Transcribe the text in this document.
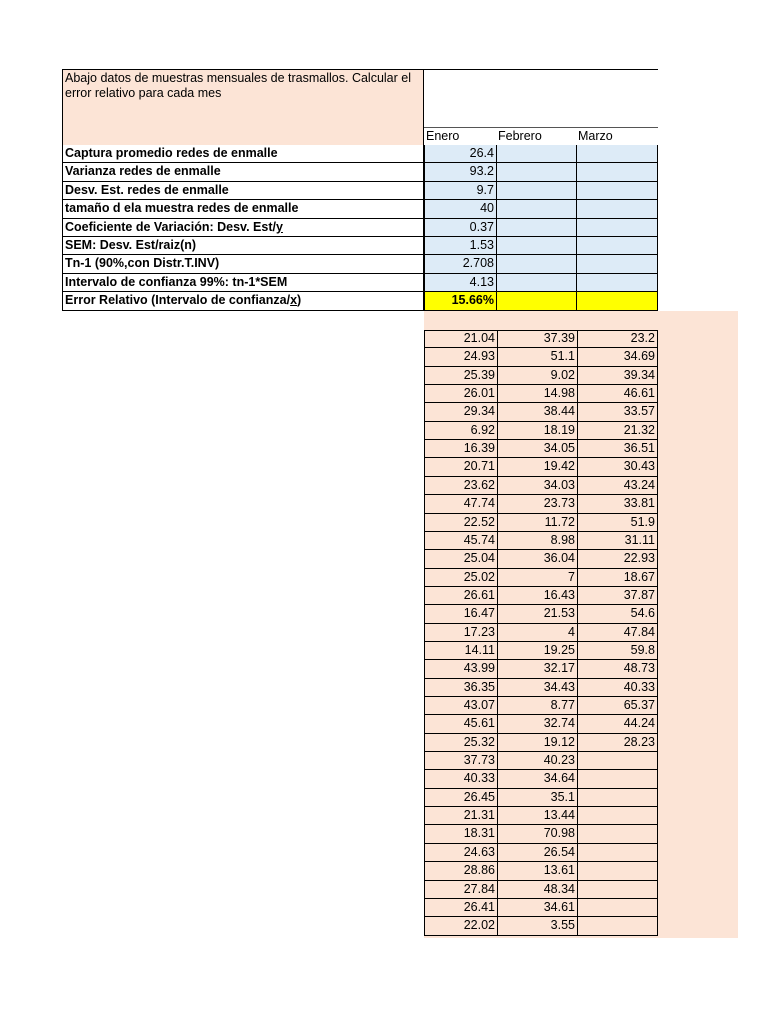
Abajo datos de muestras mensuales de trasmallos. Calcular el error relativo para cada mes
Enero	Febrero	Marzo
Captura promedio redes de enmalle	26.4
Varianza redes de enmalle	93.2
Desv. Est. redes de enmalle	9.7
tamaño d ela muestra redes de enmalle	40
Coeficiente de Variación: Desv. Est/y	0.37
SEM: Desv. Est/raiz(n)	1.53
Tn-1 (90%,con Distr.T.INV)	2.708
Intervalo de confianza 99%: tn-1*SEM	4.13
Error Relativo (Intervalo de confianza/x)	15.66%
21.04	37.39	23.2
24.93	51.1	34.69
25.39	9.02	39.34
26.01	14.98	46.61
29.34	38.44	33.57
6.92	18.19	21.32
16.39	34.05	36.51
20.71	19.42	30.43
23.62	34.03	43.24
47.74	23.73	33.81
22.52	11.72	51.9
45.74	8.98	31.11
25.04	36.04	22.93
25.02	7	18.67
26.61	16.43	37.87
16.47	21.53	54.6
17.23	4	47.84
14.11	19.25	59.8
43.99	32.17	48.73
36.35	34.43	40.33
43.07	8.77	65.37
45.61	32.74	44.24
25.32	19.12	28.23
37.73	40.23
40.33	34.64
26.45	35.1
21.31	13.44
18.31	70.98
24.63	26.54
28.86	13.61
27.84	48.34
26.41	34.61
22.02	3.55
